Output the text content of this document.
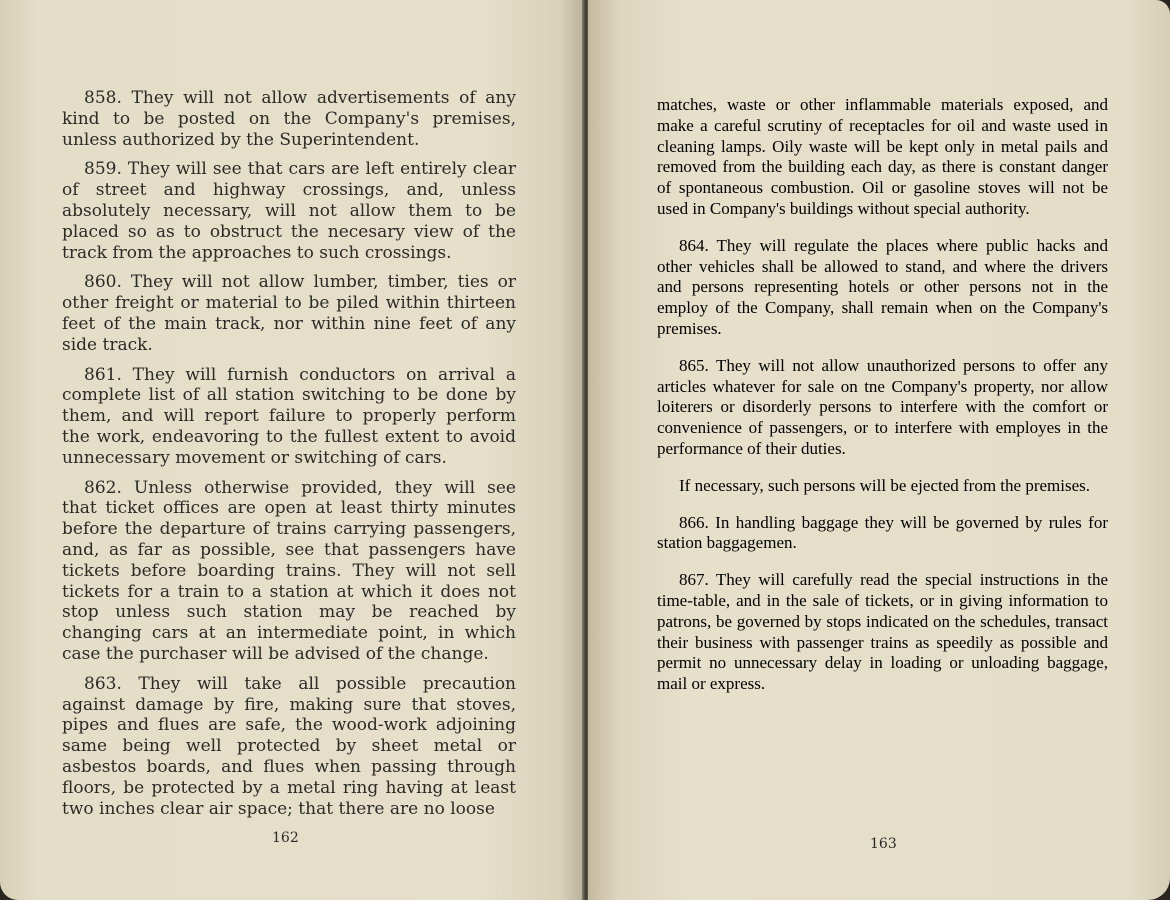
858. They will not allow advertisements of any kind to be posted on the Company's premises, unless authorized by the Superintendent.

859. They will see that cars are left entirely clear of street and highway crossings, and, unless absolutely necessary, will not allow them to be placed so as to obstruct the necesary view of the track from the approaches to such crossings.

860. They will not allow lumber, timber, ties or other freight or material to be piled within thirteen feet of the main track, nor within nine feet of any side track.

861. They will furnish conductors on arrival a complete list of all station switching to be done by them, and will report failure to properly perform the work, endeavoring to the fullest extent to avoid unnecessary movement or switching of cars.

862. Unless otherwise provided, they will see that ticket offices are open at least thirty minutes before the departure of trains carrying passengers, and, as far as possible, see that passengers have tickets before boarding trains. They will not sell tickets for a train to a station at which it does not stop unless such station may be reached by changing cars at an intermediate point, in which case the purchaser will be advised of the change.

863. They will take all possible precaution against damage by fire, making sure that stoves, pipes and flues are safe, the wood-work adjoining same being well protected by sheet metal or asbestos boards, and flues when passing through floors, be protected by a metal ring having at least two inches clear air space; that there are no loose

162

matches, waste or other inflammable materials exposed, and make a careful scrutiny of receptacles for oil and waste used in cleaning lamps. Oily waste will be kept only in metal pails and removed from the building each day, as there is constant danger of spontaneous combustion. Oil or gasoline stoves will not be used in Company's buildings without special authority.

864. They will regulate the places where public hacks and other vehicles shall be allowed to stand, and where the drivers and persons representing hotels or other persons not in the employ of the Company, shall remain when on the Company's premises.

865. They will not allow unauthorized persons to offer any articles whatever for sale on tne Company's property, nor allow loiterers or disorderly persons to interfere with the comfort or convenience of passengers, or to interfere with employes in the performance of their duties.

If necessary, such persons will be ejected from the premises.

866. In handling baggage they will be governed by rules for station baggagemen.

867. They will carefully read the special instructions in the time-table, and in the sale of tickets, or in giving information to patrons, be governed by stops indicated on the schedules, transact their business with passenger trains as speedily as possible and permit no unnecessary delay in loading or unloading baggage, mail or express.

163
